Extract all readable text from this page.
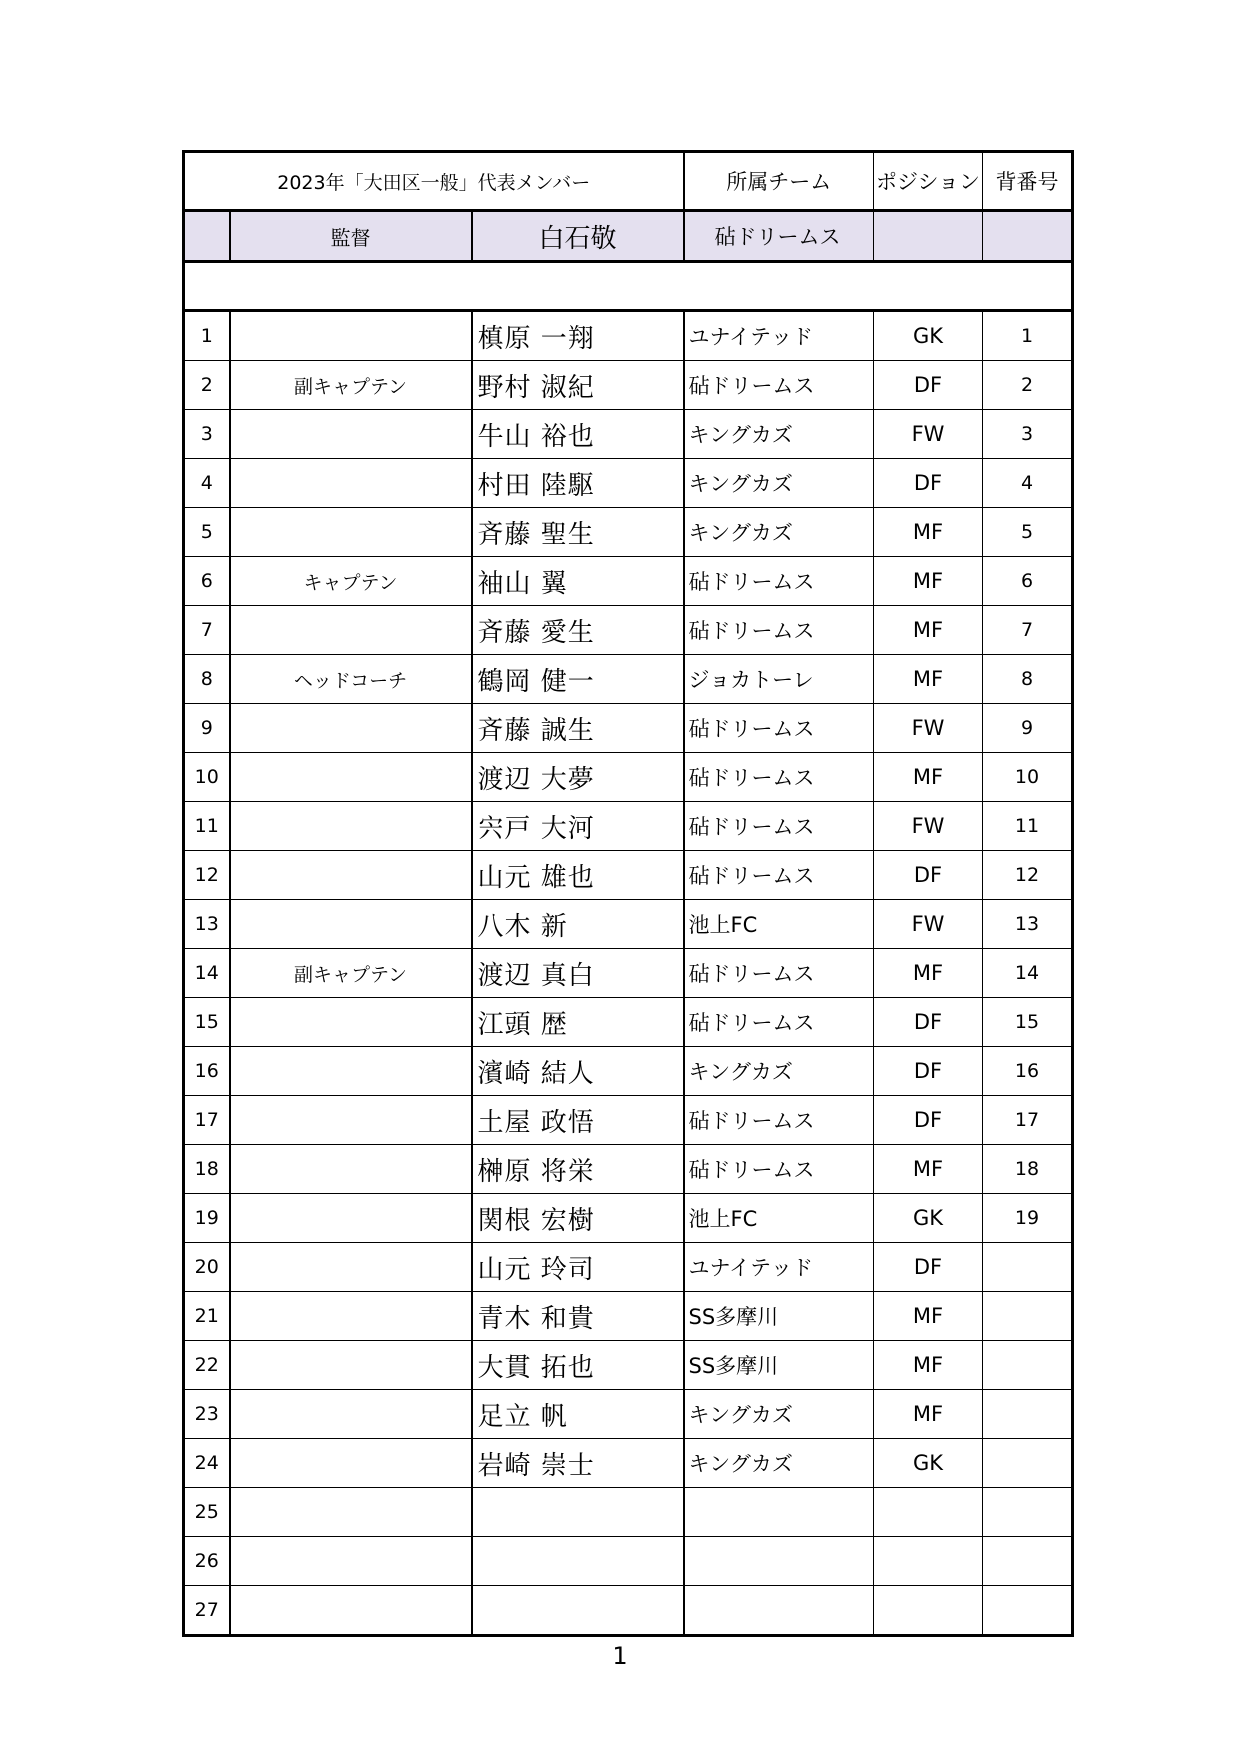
2023年「大田区一般」代表メンバー			所属チーム	ポジション	背番号
	監督	白石敬	砧ドリームス		

1		槙原 一翔	ユナイテッド	GK	1
2	副キャプテン	野村 淑紀	砧ドリームス	DF	2
3		牛山 裕也	キングカズ	FW	3
4		村田 陸駆	キングカズ	DF	4
5		斉藤 聖生	キングカズ	MF	5
6	キャプテン	袖山 翼	砧ドリームス	MF	6
7		斉藤 愛生	砧ドリームス	MF	7
8	ヘッドコーチ	鶴岡 健一	ジョカトーレ	MF	8
9		斉藤 誠生	砧ドリームス	FW	9
10		渡辺 大夢	砧ドリームス	MF	10
11		宍戸 大河	砧ドリームス	FW	11
12		山元 雄也	砧ドリームス	DF	12
13		八木 新	池上FC	FW	13
14	副キャプテン	渡辺 真白	砧ドリームス	MF	14
15		江頭 歴	砧ドリームス	DF	15
16		濱崎 結人	キングカズ	DF	16
17		土屋 政悟	砧ドリームス	DF	17
18		榊原 将栄	砧ドリームス	MF	18
19		関根 宏樹	池上FC	GK	19
20		山元 玲司	ユナイテッド	DF	
21		青木 和貴	SS多摩川	MF	
22		大貫 拓也	SS多摩川	MF	
23		足立 帆	キングカズ	MF	
24		岩崎 崇士	キングカズ	GK	
25					
26					
27					
1
